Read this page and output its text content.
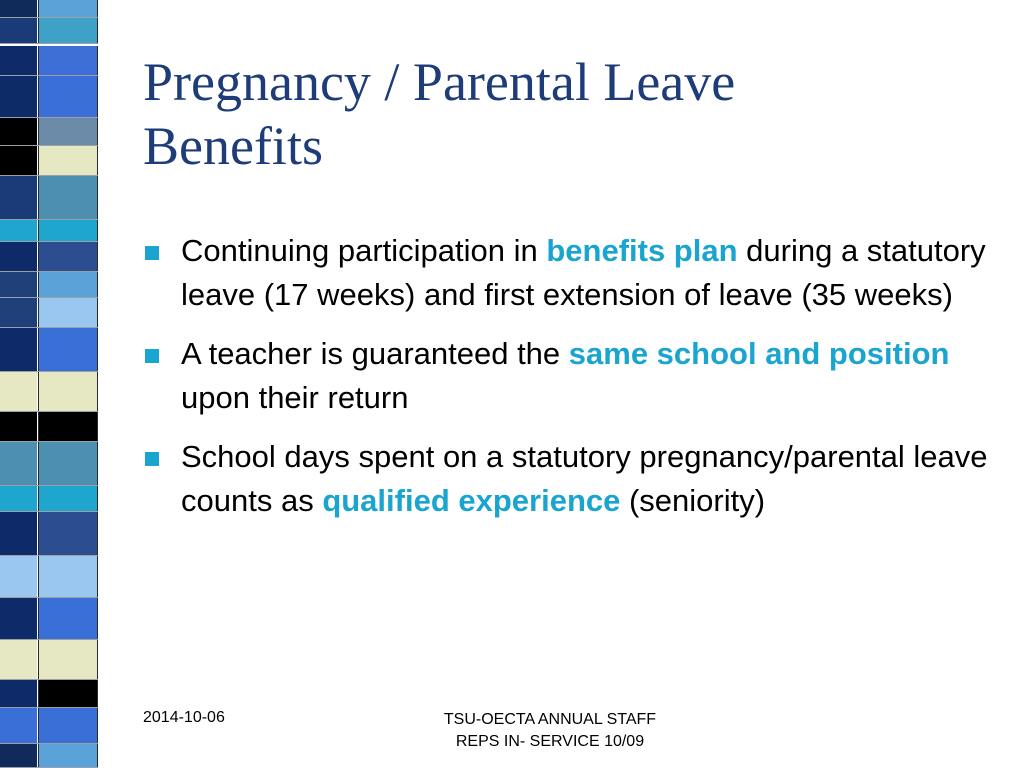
Pregnancy / Parental Leave
Benefits
Continuing participation in benefits plan during a statutory leave (17 weeks) and first extension of leave (35 weeks)
A teacher is guaranteed the same school and position upon their return
School days spent on a statutory pregnancy/parental leave counts as qualified experience (seniority)
2014-10-06	TSU-OECTA ANNUAL STAFF
REPS IN- SERVICE 10/09
